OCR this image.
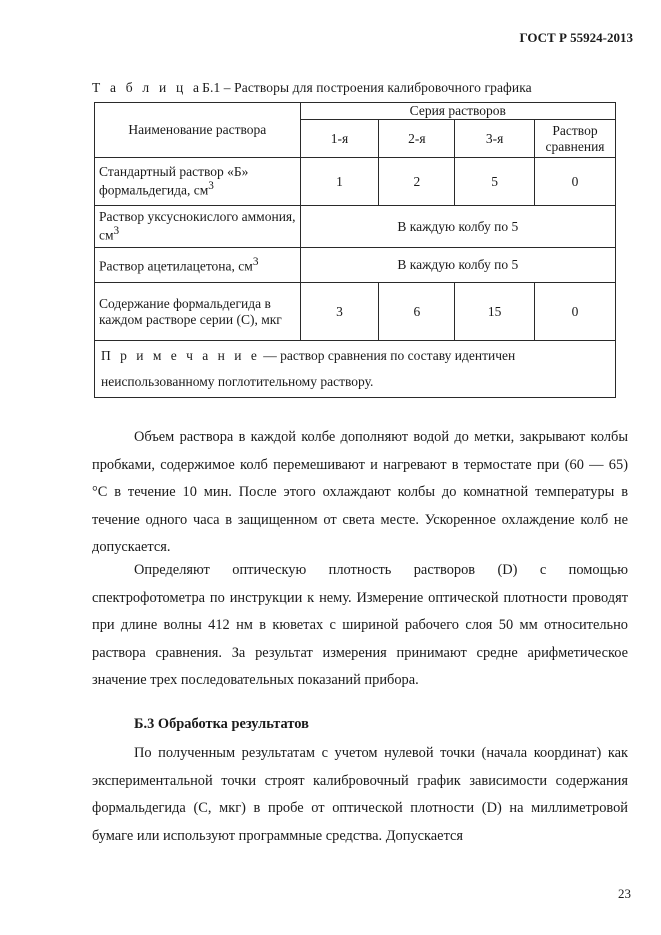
ГОСТ Р 55924-2013
Т а б л и ц аБ.1 – Растворы для построения калибровочного графика
Наименование раствора	Серия растворов			
	1-я	2-я	3-я	Раствор сравнения
Стандартный раствор «Б» формальдегида, $см^3$	1	2	5	0
Раствор уксуснокислого аммония, $см^3$	В каждую колбу по 5			
Раствор ацетилацетона, $см^3$	В каждую колбу по 5			
Содержание формальдегида в каждом растворе серии (С), мкг	3	6	15	0
П р и м е ч а н и е — раствор сравнения по составу идентичен неиспользованному поглотительному раствору.				

Объем раствора в каждой колбе дополняют водой до метки, закрывают колбы пробками, содержимое колб перемешивают и нагревают в термостате при (60 — 65) °С в течение 10 мин. После этого охлаждают колбы до комнатной температуры в течение одного часа в защищенном от света месте. Ускоренное охлаждение колб не допускается.

Определяют оптическую плотность растворов (D) с помощью спектрофотометра по инструкции к нему. Измерение оптической плотности проводят при длине волны 412 нм в кюветах с шириной рабочего слоя 50 мм относительно раствора сравнения. За результат измерения принимают средне арифметическое значение трех последовательных показаний прибора.

Б.3 Обработка результатов

По полученным результатам с учетом нулевой точки (начала координат) как экспериментальной точки строят калибровочный график зависимости содержания формальдегида (С, мкг) в пробе от оптической плотности (D) на миллиметровой бумаге или используют программные средства. Допускается

23
